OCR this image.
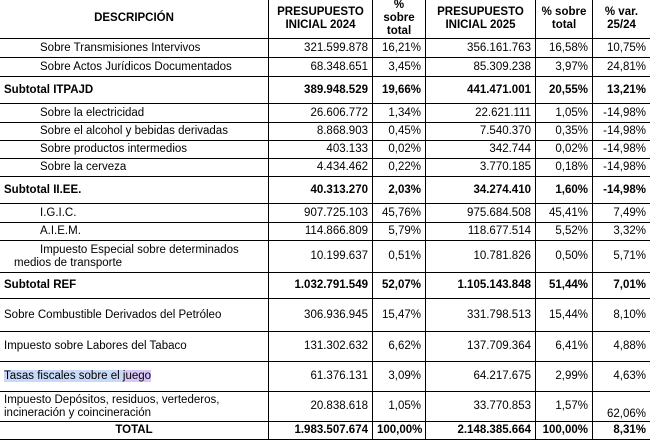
DESCRIPCIÓN	PRESUPUESTO INICIAL 2024	% sobre total	PRESUPUESTO INICIAL 2025	% sobre total	% var. 25/24
Sobre Transmisiones Intervivos	321.599.878	16,21%	356.161.763	16,58%	10,75%
Sobre Actos Jurídicos Documentados	68.348.651	3,45%	85.309.238	3,97%	24,81%
Subtotal ITPAJD	389.948.529	19,66%	441.471.001	20,55%	13,21%
Sobre la electricidad	26.606.772	1,34%	22.621.111	1,05%	-14,98%
Sobre el alcohol y bebidas derivadas	8.868.903	0,45%	7.540.370	0,35%	-14,98%
Sobre productos intermedios	403.133	0,02%	342.744	0,02%	-14,98%
Sobre la cerveza	4.434.462	0,22%	3.770.185	0,18%	-14,98%
Subtotal II.EE.	40.313.270	2,03%	34.274.410	1,60%	-14,98%
I.G.I.C.	907.725.103	45,76%	975.684.508	45,41%	7,49%
A.I.E.M.	114.866.809	5,79%	118.677.514	5,52%	3,32%
Impuesto Especial sobre determinados medios de transporte	10.199.637	0,51%	10.781.826	0,50%	5,71%
Subtotal REF	1.032.791.549	52,07%	1.105.143.848	51,44%	7,01%
Sobre Combustible Derivados del Petróleo	306.936.945	15,47%	331.798.513	15,44%	8,10%
Impuesto sobre Labores del Tabaco	131.302.632	6,62%	137.709.364	6,41%	4,88%
Tasas fiscales sobre el juego	61.376.131	3,09%	64.217.675	2,99%	4,63%
Impuesto Depósitos, residuos, vertederos, incineración y coincineración	20.838.618	1,05%	33.770.853	1,57%	62,06%
TOTAL	1.983.507.674	100,00%	2.148.385.664	100,00%	8,31%
